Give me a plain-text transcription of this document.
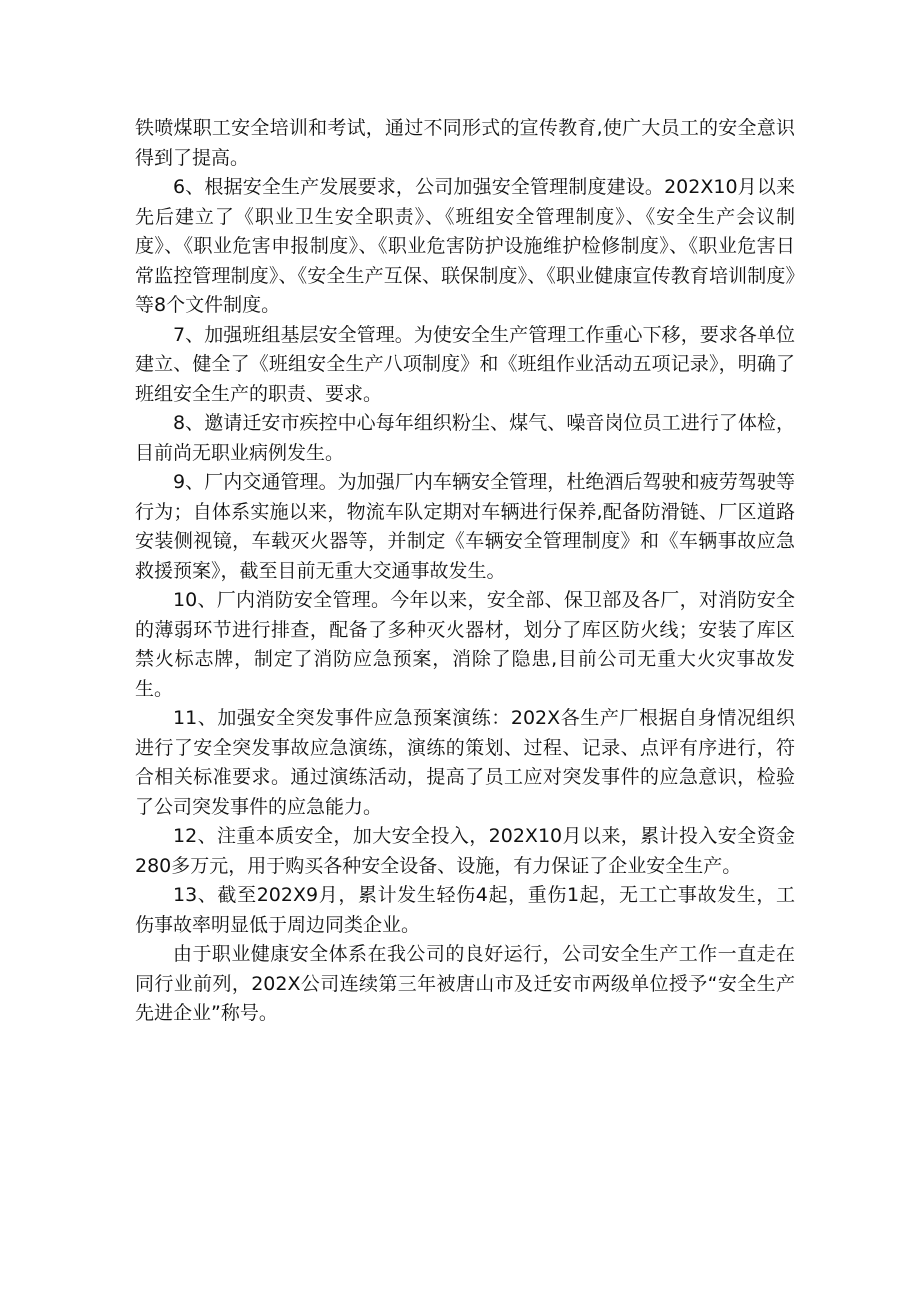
铁喷煤职工安全培训和考试，通过不同形式的宣传教育,使广大员工的安全意识得到了提高。

6、根据安全生产发展要求，公司加强安全管理制度建设。202X10月以来先后建立了《职业卫生安全职责》、《班组安全管理制度》、《安全生产会议制度》、《职业危害申报制度》、《职业危害防护设施维护检修制度》、《职业危害日常监控管理制度》、《安全生产互保、联保制度》、《职业健康宣传教育培训制度》等8个文件制度。

7、加强班组基层安全管理。为使安全生产管理工作重心下移，要求各单位建立、健全了《班组安全生产八项制度》和《班组作业活动五项记录》，明确了班组安全生产的职责、要求。

8、邀请迁安市疾控中心每年组织粉尘、煤气、噪音岗位员工进行了体检，目前尚无职业病例发生。

9、厂内交通管理。为加强厂内车辆安全管理，杜绝酒后驾驶和疲劳驾驶等行为；自体系实施以来，物流车队定期对车辆进行保养,配备防滑链、厂区道路安装侧视镜，车载灭火器等，并制定《车辆安全管理制度》和《车辆事故应急救援预案》，截至目前无重大交通事故发生。

10、厂内消防安全管理。今年以来，安全部、保卫部及各厂，对消防安全的薄弱环节进行排查，配备了多种灭火器材，划分了库区防火线；安装了库区禁火标志牌，制定了消防应急预案，消除了隐患,目前公司无重大火灾事故发生。

11、加强安全突发事件应急预案演练：202X各生产厂根据自身情况组织进行了安全突发事故应急演练，演练的策划、过程、记录、点评有序进行，符合相关标准要求。通过演练活动，提高了员工应对突发事件的应急意识，检验了公司突发事件的应急能力。

12、注重本质安全，加大安全投入，202X10月以来，累计投入安全资金280多万元，用于购买各种安全设备、设施，有力保证了企业安全生产。

13、截至202X9月，累计发生轻伤4起，重伤1起，无工亡事故发生，工伤事故率明显低于周边同类企业。

由于职业健康安全体系在我公司的良好运行，公司安全生产工作一直走在同行业前列，202X公司连续第三年被唐山市及迁安市两级单位授予“安全生产先进企业”称号。
